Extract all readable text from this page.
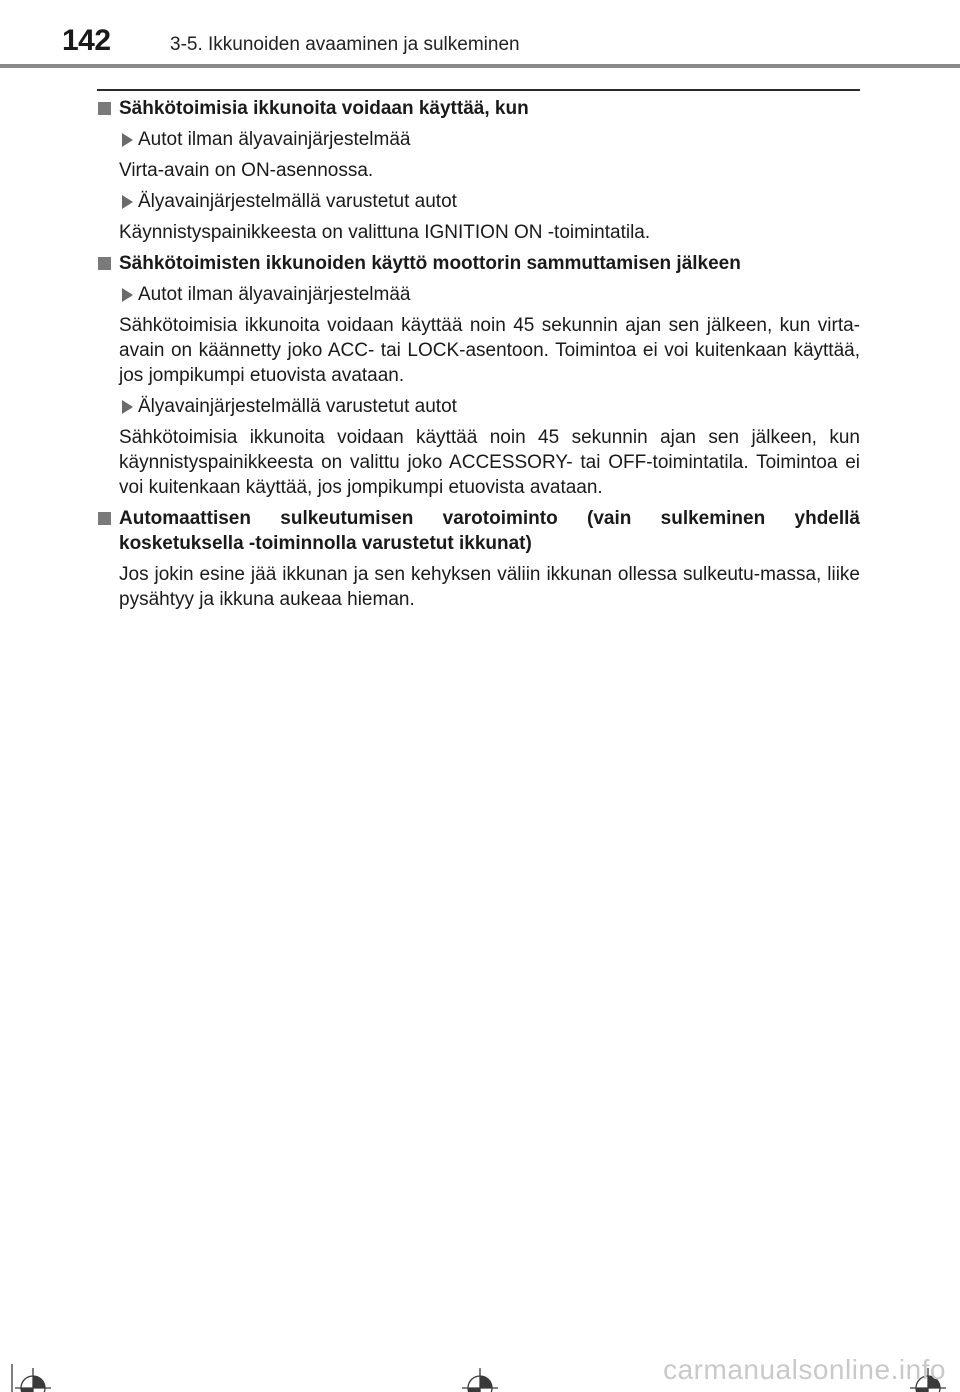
142	3-5. Ikkunoiden avaaminen ja sulkeminen
Sähkötoimisia ikkunoita voidaan käyttää, kun
Autot ilman älyavainjärjestelmää
Virta-avain on ON-asennossa.
Älyavainjärjestelmällä varustetut autot
Käynnistyspainikkeesta on valittuna IGNITION ON -toimintatila.
Sähkötoimisten ikkunoiden käyttö moottorin sammuttamisen jälkeen
Autot ilman älyavainjärjestelmää
Sähkötoimisia ikkunoita voidaan käyttää noin 45 sekunnin ajan sen jälkeen, kun virta-avain on käännetty joko ACC- tai LOCK-asentoon. Toimintoa ei voi kuitenkaan käyttää, jos jompikumpi etuovista avataan.
Älyavainjärjestelmällä varustetut autot
Sähkötoimisia ikkunoita voidaan käyttää noin 45 sekunnin ajan sen jälkeen, kun käynnistyspainikkeesta on valittu joko ACCESSORY- tai OFF-toimintatila. Toimintoa ei voi kuitenkaan käyttää, jos jompikumpi etuovista avataan.
Automaattisen sulkeutumisen varotoiminto (vain sulkeminen yhdellä kosketuksella -toiminnolla varustetut ikkunat)
Jos jokin esine jää ikkunan ja sen kehyksen väliin ikkunan ollessa sulkeutu-massa, liike pysähtyy ja ikkuna aukeaa hieman.
carmanualsonline.info
